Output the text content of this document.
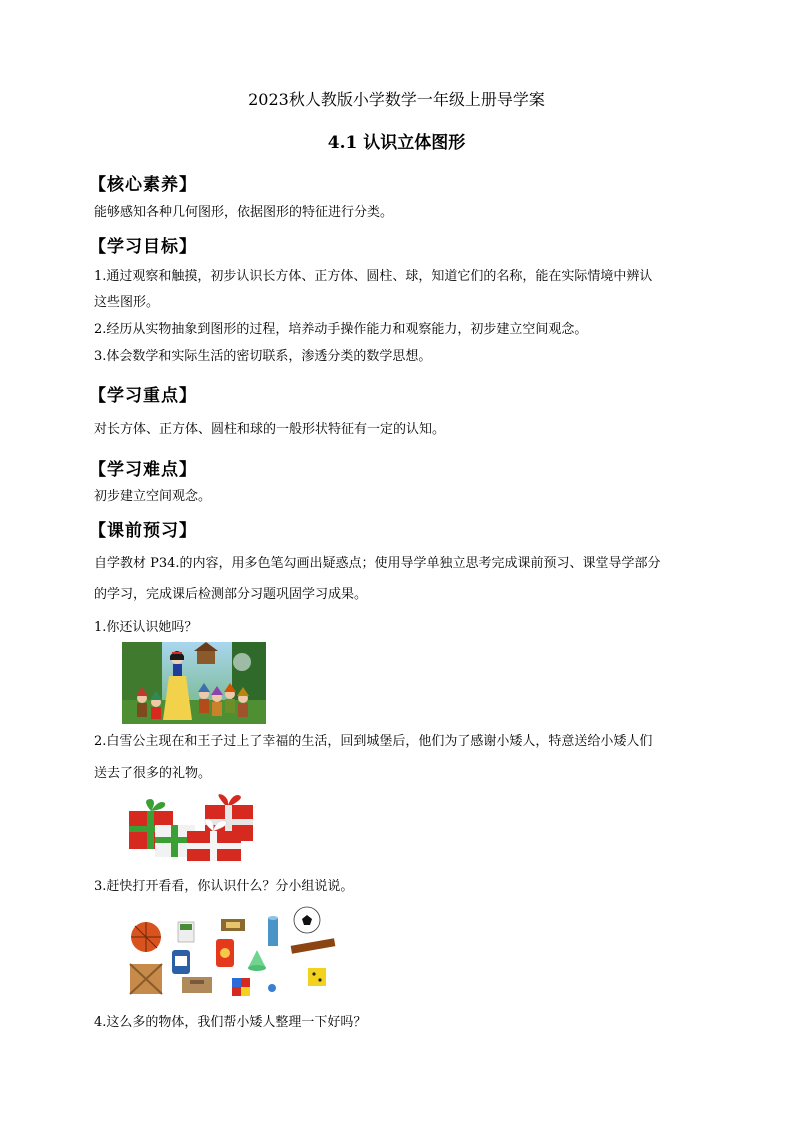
2023秋人教版小学数学一年级上册导学案
4.1 认识立体图形
【核心素养】
能够感知各种几何图形，依据图形的特征进行分类。
【学习目标】
1.通过观察和触摸，初步认识长方体、正方体、圆柱、球，知道它们的名称，能在实际情境中辨认
这些图形。
2.经历从实物抽象到图形的过程，培养动手操作能力和观察能力，初步建立空间观念。
3.体会数学和实际生活的密切联系，渗透分类的数学思想。
【学习重点】
对长方体、正方体、圆柱和球的一般形状特征有一定的认知。
【学习难点】
初步建立空间观念。
【课前预习】
自学教材 P34.的内容，用多色笔勾画出疑惑点；使用导学单独立思考完成课前预习、课堂导学部分
的学习，完成课后检测部分习题巩固学习成果。
1.你还认识她吗？
2.白雪公主现在和王子过上了幸福的生活，回到城堡后，他们为了感谢小矮人，特意送给小矮人们
送去了很多的礼物。
3.赶快打开看看，你认识什么？分小组说说。
4.这么多的物体，我们帮小矮人整理一下好吗？
